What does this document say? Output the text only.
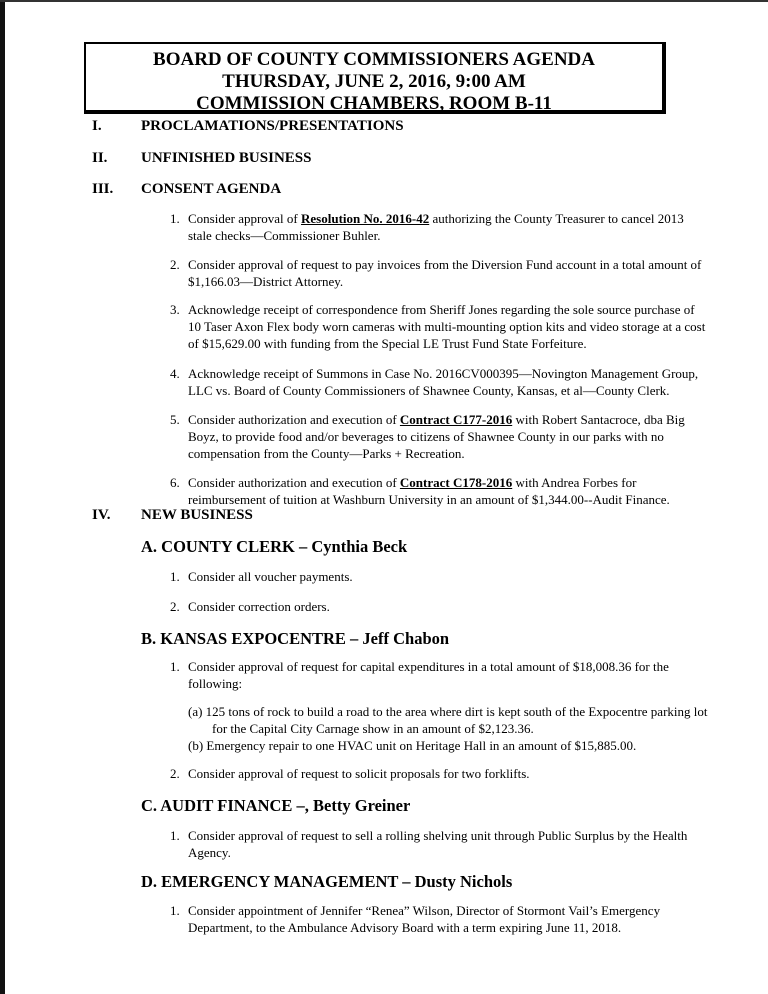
BOARD OF COUNTY COMMISSIONERS AGENDA
THURSDAY, JUNE 2, 2016, 9:00 AM
COMMISSION CHAMBERS, ROOM B-11
I.	PROCLAMATIONS/PRESENTATIONS
II. UNFINISHED BUSINESS
III. CONSENT AGENDA
1. Consider approval of Resolution No. 2016-42 authorizing the County Treasurer to cancel 2013 stale checks—Commissioner Buhler.
2. Consider approval of request to pay invoices from the Diversion Fund account in a total amount of $1,166.03—District Attorney.
3. Acknowledge receipt of correspondence from Sheriff Jones regarding the sole source purchase of 10 Taser Axon Flex body worn cameras with multi-mounting option kits and video storage at a cost of $15,629.00 with funding from the Special LE Trust Fund State Forfeiture.
4. Acknowledge receipt of Summons in Case No. 2016CV000395—Novington Management Group, LLC vs. Board of County Commissioners of Shawnee County, Kansas, et al—County Clerk.
5. Consider authorization and execution of Contract C177-2016 with Robert Santacroce, dba Big Boyz, to provide food and/or beverages to citizens of Shawnee County in our parks with no compensation from the County—Parks + Recreation.
6. Consider authorization and execution of Contract C178-2016 with Andrea Forbes for reimbursement of tuition at Washburn University in an amount of $1,344.00--Audit Finance.
IV. NEW BUSINESS
A. COUNTY CLERK – Cynthia Beck
1. Consider all voucher payments.
2. Consider correction orders.
B. KANSAS EXPOCENTRE – Jeff Chabon
1. Consider approval of request for capital expenditures in a total amount of $18,008.36 for the following:
(a) 125 tons of rock to build a road to the area where dirt is kept south of the Expocentre parking lot for the Capital City Carnage show in an amount of $2,123.36.
(b) Emergency repair to one HVAC unit on Heritage Hall in an amount of $15,885.00.
2. Consider approval of request to solicit proposals for two forklifts.
C. AUDIT FINANCE –, Betty Greiner
1. Consider approval of request to sell a rolling shelving unit through Public Surplus by the Health Agency.
D. EMERGENCY MANAGEMENT – Dusty Nichols
1. Consider appointment of Jennifer “Renea” Wilson, Director of Stormont Vail’s Emergency Department, to the Ambulance Advisory Board with a term expiring June 11, 2018.
